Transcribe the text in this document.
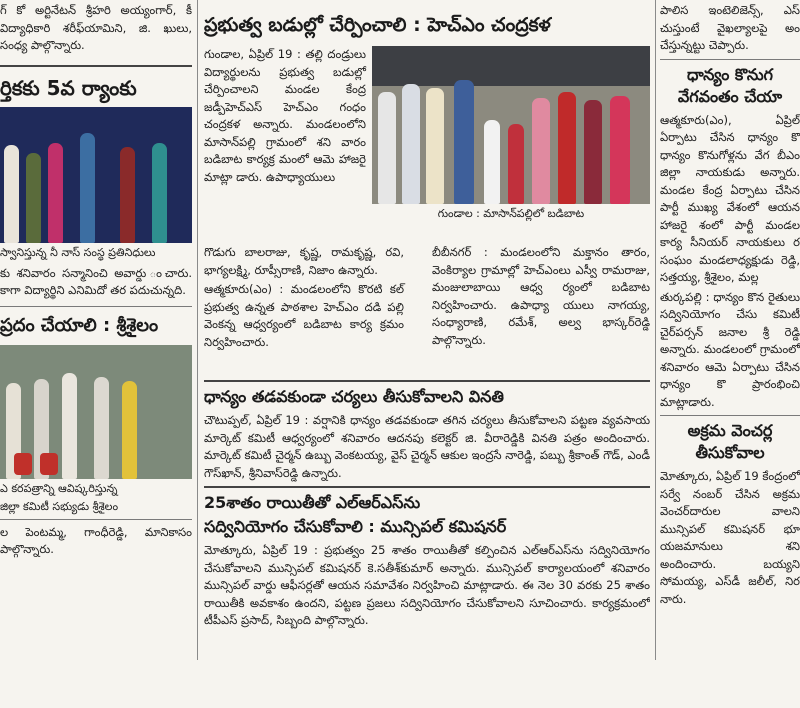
గ్‌ కో అర్టినేటన్ శ్రీహరి అయ్యంగార్, కీ విద్యాధికారి శరీఫ్‌యామిని, జి. ఖులు, సంధ్య పాల్గొన్నారు.

ర్తికకు 5వ ర్యాంకు

స్వానిస్తున్న నీ నాస్ సంస్థ ప్రతినిధులు

కు శనివారం సన్మానించి అవార్డు ంచారు. కాగా విద్యార్థిని ఎనిమిదో తర పదుచున్నది.

ప్రదం చేయాలి : శ్రీశైలం

ఎ కరపత్రాన్ని ఆవిష్కరిస్తున్న

జిల్లా కమిటీ సభ్యుడు శ్రీశైలం

ల పెంటమ్మ, గాంధీరెడ్డి, మానికాసం పాల్గొన్నారు.

ప్రభుత్వ బడుల్లో చేర్పించాలి : హెచ్‌ఎం చంద్రకళ

గుండాల, ఏప్రిల్ 19 : తల్లి దండ్రులు విద్యార్థులను ప్రభుత్వ బడుల్లో చేర్పించాలని మండల కేంద్ర జడ్పీహెచ్‌ఎస్ హెచ్‌ఎం గంధం చంద్రకళ అన్నారు. మండలంలోని మాసాన్‌పల్లి గ్రామంలో శని వారం బడిబాట కార్యక్ర మంలో ఆమె హాజరై మాట్లా డారు. ఉపాధ్యాయులు

గుండాల : మాసాన్‌పల్లిలో బడిబాట

గొడుగు బాలరాజు, కృష్ణ, రామకృష్ణ, రవి, భాగ్యలక్ష్మి, రూప్సీరాణి, నిజాం ఉన్నారు.

ఆత్మకూరు(ఎం) : మండలంలోని కొరటి కల్ ప్రభుత్వ ఉన్నత పాఠశాల హెచ్‌ఎం దడి పల్లి వెంకన్న ఆధ్వర్యంలో బడిబాట కార్య క్రమం నిర్వహించారు.

బీబీనగర్ : మండలంలోని మక్తానం తారం, వెంకిర్యాల గ్రామాల్లో హెచ్‌ఎంలు ఎస్వీ రామరాజు, మంజులాబాయి ఆధ్వ ర్యంలో బడిబాట నిర్వహించారు. ఉపాధ్యా యులు నాగయ్య, సంధ్యారాణి, రమేశ్, అల్వ భాస్కర్‌రెడ్డి పాల్గొన్నారు.

ధాన్యం తడవకుండా చర్యలు తీసుకోవాలని వినతి

చౌటుప్పల్, ఏప్రిల్ 19 : వర్షానికి ధాన్యం తడవకుండా తగిన చర్యలు తీసుకోవాలని పట్టణ వ్యవసాయ మార్కెట్ కమిటీ ఆధ్వర్యంలో శనివారం ఆదనపు కలెక్టర్ జి. వీరారెడ్డికి వినతి పత్రం అందించారు. మార్కెట్ కమిటీ చైర్మన్ ఉబ్బు వెంకటయ్య, వైస్ చైర్మన్ ఆకుల ఇంద్రసే నారెడ్డి, పబ్బు శ్రీకాంత్ గౌడ్, ఎండీ గౌస్‌ఖాన్, శ్రీనివాస్‌రెడ్డి ఉన్నారు.

25శాతం రాయితీతో ఎల్ఆర్ఎస్‌ను

సద్వినియోగం చేసుకోవాలి : మున్సిపల్ కమిషనర్

మోత్కూరు, ఏప్రిల్ 19 : ప్రభుత్వం 25 శాతం రాయితీతో కల్పించిన ఎల్ఆర్ఎస్‌ను సద్వినియోగం చేసుకోవాలని మున్సిపల్ కమిషనర్ కె.సతీశ్‌కుమార్ అన్నారు. మున్సిపల్ కార్యాలయంలో శనివారం మున్సిపల్ వార్డు ఆఫీసర్లతో ఆయన సమావేశం నిర్వహించి మాట్లాడారు. ఈ నెల 30 వరకు 25 శాతం రాయితీకి అవకాశం ఉందని, పట్టణ ప్రజలు సద్వినియోగం చేసుకోవాలని సూచించారు. కార్యక్రమంలో టీపీఎస్ ప్రసాద్, సిబ్బంది పాల్గొన్నారు.

పాలిస ఇంటెలిజెన్స్, ఎస్ చుస్తుంటే వైఖల్యాలపై అం చేస్తున్నట్టు చెప్పారు.

ధాన్యం కొనుగ

వేగవంతం చేయా

ఆత్మకూరు(ఎం), ఏప్రిల్ ఏర్పాటు చేసిన ధాన్యం కొ ధాన్యం కొనుగోళ్లను వేగ బీఎం జిల్లా నాయకుడు అన్నారు. మండల కేంద్ర ఏర్పాటు చేసిన పార్టీ ముఖ్య వేశంలో ఆయన హాజరై శంలో పార్టీ మండల కార్య సీనియర్ నాయకులు ర సంఘం మండలాధ్యక్షుడు రెడ్డి, సత్తయ్య, శ్రీశైలం, మల్ల

తుర్కపల్లి : ధాన్యం కొన రైతులు సద్వినియోగం చేసు కమిటీ చైర్‌పర్సన్ జనాల శ్రీ రెడ్డి అన్నారు. మండలంలో గ్రామంలో శనివారం ఆమె ఏర్పాటు చేసిన ధాన్యం కొ ప్రారంభించి మాట్లాడారు.

అక్రమ వెంచర్ల

తీసుకోవాల

మోత్కూరు, ఏప్రిల్ 19 కేంద్రంలో సర్వే నంబర్ చేసిన అక్రమ వెంచర్‌దారుల వాలని మున్సిపల్ కమిషనర్ భూ యజమానులు శని అందించారు. బయ్యని సోమయ్య, ఎస్‌డీ జలీల్, నిర నారు.
